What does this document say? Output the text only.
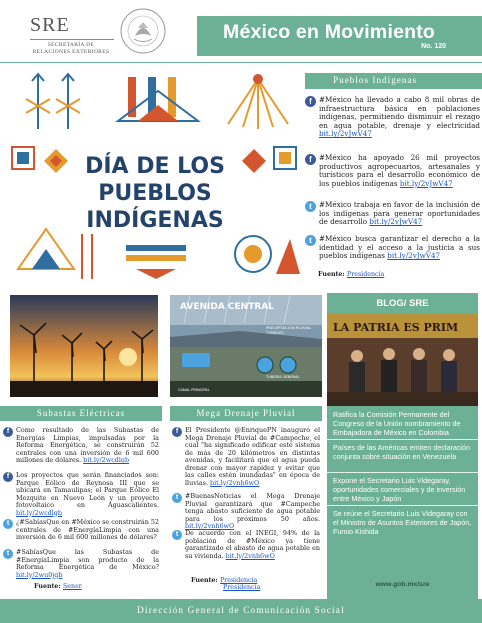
SRE
SECRETARÍA DE
RELACIONES EXTERIORES
México en Movimiento
No. 120
DÍA DE LOS
PUEBLOS
INDÍGENAS
Pueblos Indígenas
f #México ha llevado a cabo 8 mil obras de infraestructura básica en poblaciones indígenas, permitiendo disminuir el rezago en agua potable, drenaje y electricidad bit.ly/2vJwV47
f #México ha apoyado 26 mil proyectos productivos agropecuarios, artesanales y turísticos para el desarrollo económico de los pueblos indígenas bit.ly/2vJwV47
t #México trabaja en favor de la inclusión de los indígenas para generar oportunidades de desarrollo bit.ly/2vJwV47
t #México busca garantizar el derecho a la identidad y el acceso a la justicia a sus pueblos indígenas bit.ly/2vJwV47
Fuente: Presidencia
AVENIDA CENTRAL
PRECIPITACIÓN PLUVIAL
TORMENTA
TUBERÍA GENERAL
CANAL PRINCIPAL
Subastas Eléctricas
f	Como resultado de las Subastas de Energías Limpias, impulsadas por la Reforma Energética, se construirán 52 centrales con una inversión de 6 mil 600 millones de dólares. bit.ly/2wcdlgb
f	Los proyectos que serán financiados son: Parque Eólico de Reynosa III que se ubicará en Tamaulipas; el Parque Eólico El Mezquite en Nuevo León y un proyecto fotovoltaico en Aguascalientes. bit.ly/2wcdlgb
t	¿#SabíasQue en #México se construirán 52 centrales de #EnergíaLimpia con una inversión de 6 mil 600 millones de dólares?
t	#SabíasQue las Subastas de #EnergíaLimpia son producto de la Reforma Energética de México? bit.ly/2wu0jqb
Fuente: Sener
Mega Drenaje Pluvial
f	El Presidente @EnriquePN inauguró el Mega Drenaje Pluvial de #Campeche, el cual "ha significado edificar este sistema de más de 20 kilómetros en distintas avenidas, y facilitará que el agua pueda drenar con mayor rapidez y evitar que las calles estén inundadas" en época de lluvias. bit.ly/2vnh6wO
t	#BuenasNoticias el Mega Drenaje Pluvial garantizará que #Campeche tenga abasto suficiente de agua potable para los próximos 50 años. bit.ly/2vnh6wO
t	De acuerdo con el INEGI, 94% de la población de #México ya tiene garantizado el abasto de agua potable en su vivienda. bit.ly/2vnh6wO
Fuente: Presidencia
Presidencia
BLOG/ SRE
LA PATRIA ES PRIM
Ratifica la Comisión Permanente del Congreso de la Unión nombramiento de Embajadora de México en Colombia
Países de las Américas emiten declaración conjunta sobre situación en Venezuela
Expone el Secretario Luis Videgaray, oportunidades comerciales y de inversión entre México y Japón
Se reúne el Secretario Luis Videgaray con el Ministro de Asuntos Exteriores de Japón, Fumio Kishida
www.gob.mx/sre
Dirección General de Comunicación Social
